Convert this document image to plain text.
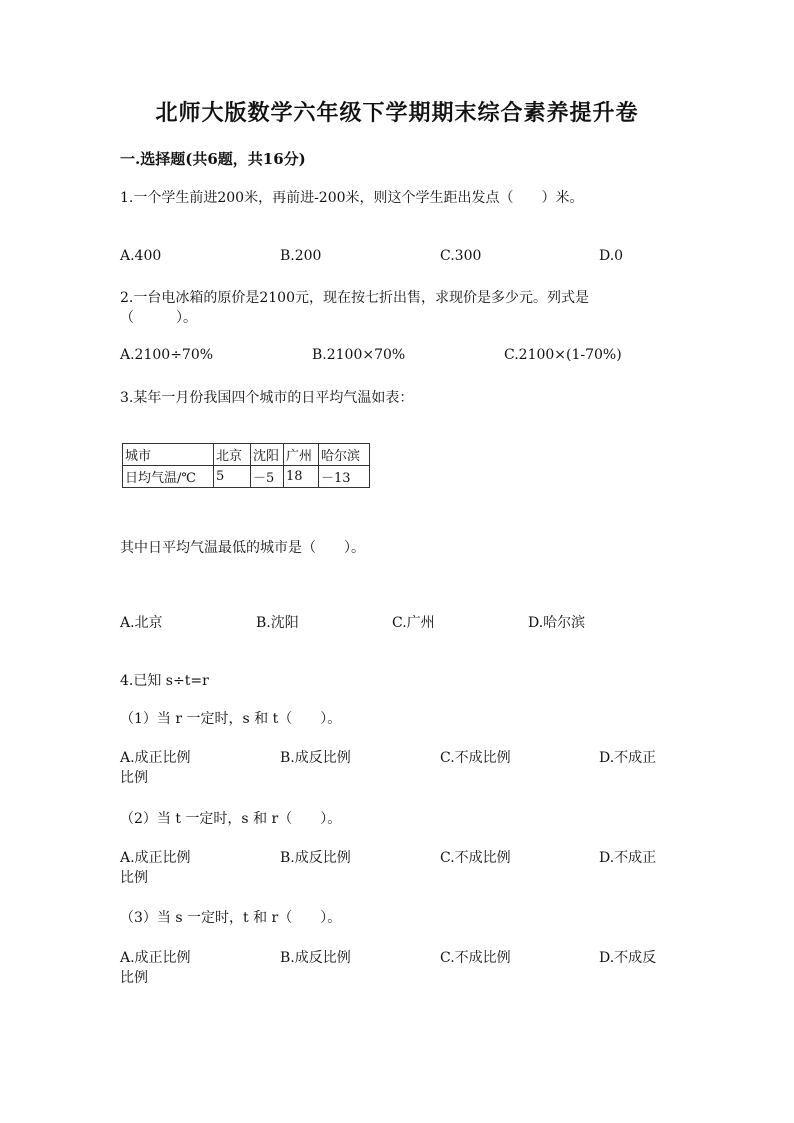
北师大版数学六年级下学期期末综合素养提升卷
一.选择题(共6题，共16分)
1.一个学生前进200米，再前进-200米，则这个学生距出发点（　　）米。
A.400	B.200	C.300	D.0
2.一台电冰箱的原价是2100元，现在按七折出售，求现价是多少元。列式是
（　　　）。
A.2100÷70%	B.2100×70%	C.2100×(1-70%)
3.某年一月份我国四个城市的日平均气温如表：
城市	北京	沈阳	广州	哈尔滨
日均气温/℃	5	－5	18	－13
其中日平均气温最低的城市是（　　）。
A.北京	B.沈阳	C.广州	D.哈尔滨
4.已知 s÷t=r
（1）当 r 一定时，s 和 t（　　）。
A.成正比例	B.成反比例	C.不成比例	D.不成正
比例
（2）当 t 一定时，s 和 r（　　）。
A.成正比例	B.成反比例	C.不成比例	D.不成正
比例
（3）当 s 一定时，t 和 r（　　）。
A.成正比例	B.成反比例	C.不成比例	D.不成反
比例
